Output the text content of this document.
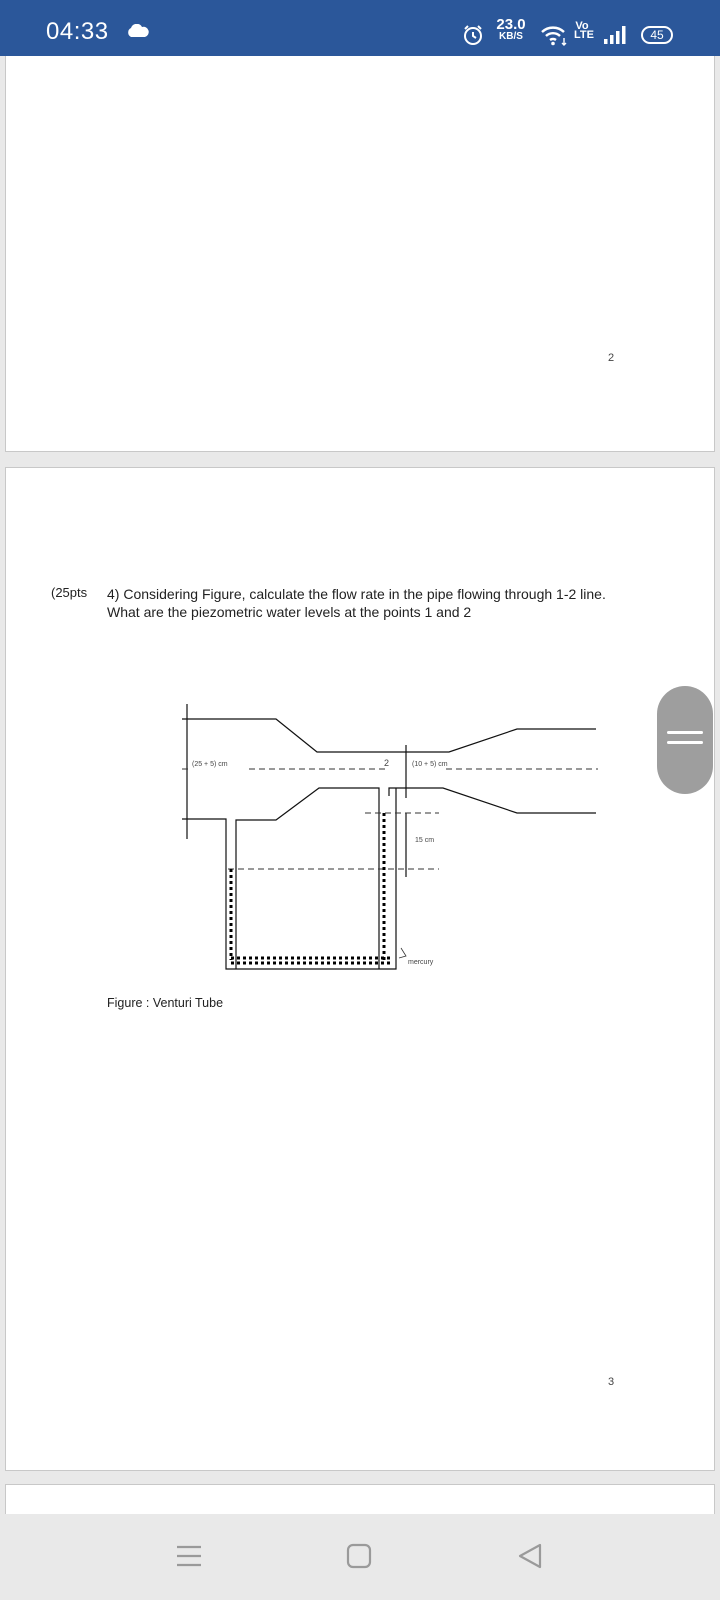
04:33	23.0
KB/S
Vo LTE	45
2
(25pts 4) Considering Figure, calculate the flow rate in the pipe flowing through 1-2 line. What are the piezometric water levels at the points 1 and 2
(25 + 5) cm	2	(10 + 5) cm
15 cm
mercury
Figure : Venturi Tube
3
